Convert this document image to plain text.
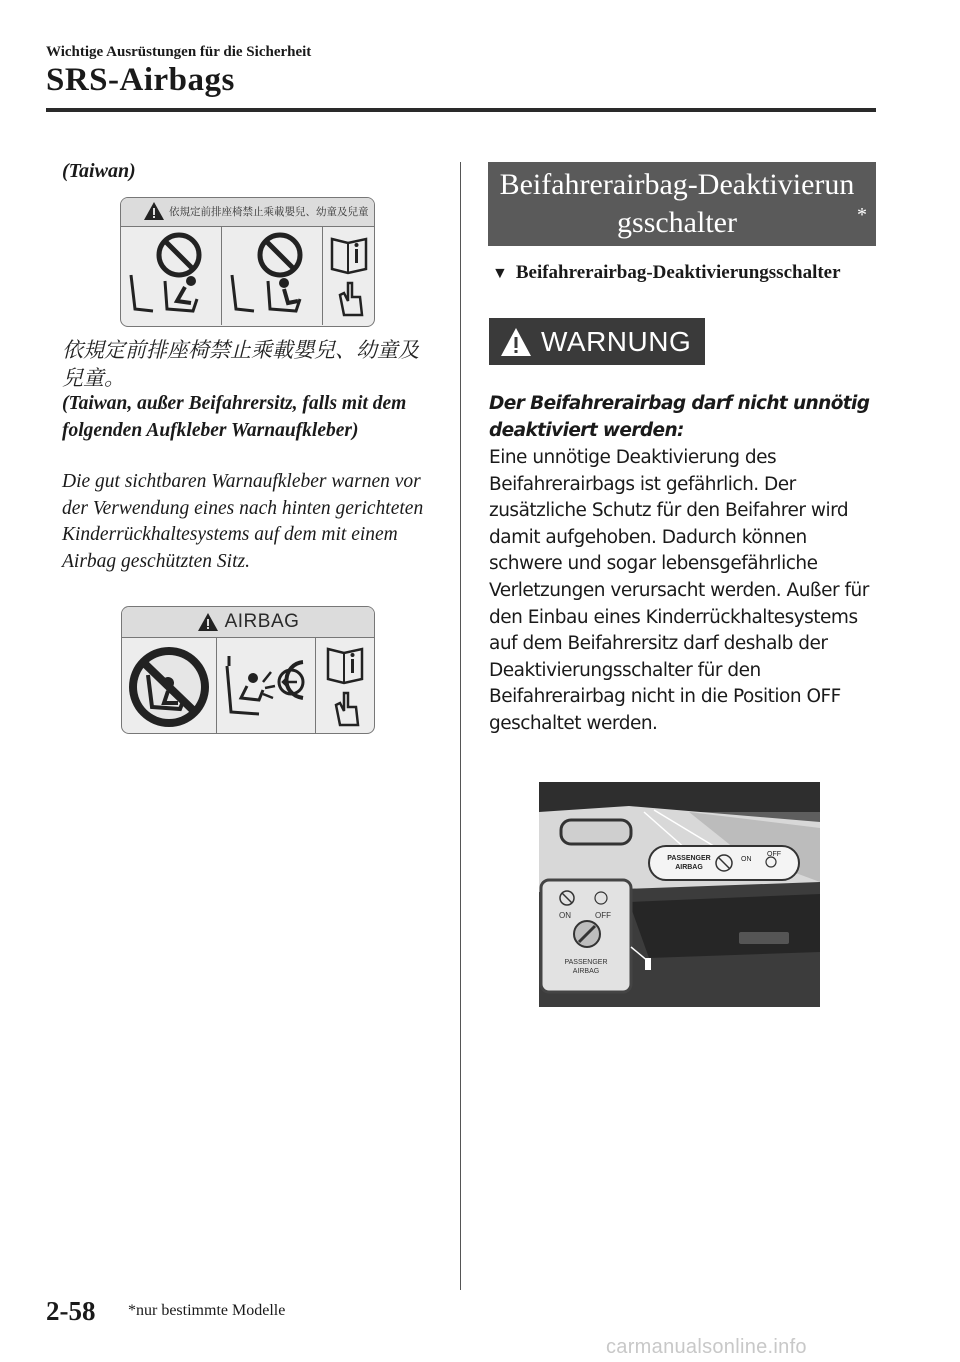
Wichtige Ausrüstungen für die Sicherheit
SRS-Airbags
(Taiwan)
依規定前排座椅禁止乘載嬰兒、幼童及兒童
依規定前排座椅禁止乘載嬰兒、幼童及兒童。
(Taiwan, außer Beifahrersitz, falls mit dem folgenden Aufkleber Warnaufkleber)
Die gut sichtbaren Warnaufkleber warnen vor der Verwendung eines nach hinten gerichteten Kinderrückhaltesystems auf dem mit einem Airbag geschützten Sitz.
AIRBAG
Beifahrerairbag-Deaktivierungsschalter	*
▼ Beifahrerairbag-Deaktivierungsschalter
WARNUNG
Der Beifahrerairbag darf nicht unnötig deaktiviert werden:
Eine unnötige Deaktivierung des Beifahrerairbags ist gefährlich. Der zusätzliche Schutz für den Beifahrer wird damit aufgehoben. Dadurch können schwere und sogar lebensgefährliche Verletzungen verursacht werden. Außer für den Einbau eines Kinderrückhaltesystems auf dem Beifahrersitz darf deshalb der Deaktivierungsschalter für den Beifahrerairbag nicht in die Position OFF geschaltet werden.
PASSENGER
AIRBAG
ON
OFF
ON	OFF
PASSENGER
AIRBAG
2-58 *nur bestimmte Modelle
carmanualsonline.info
